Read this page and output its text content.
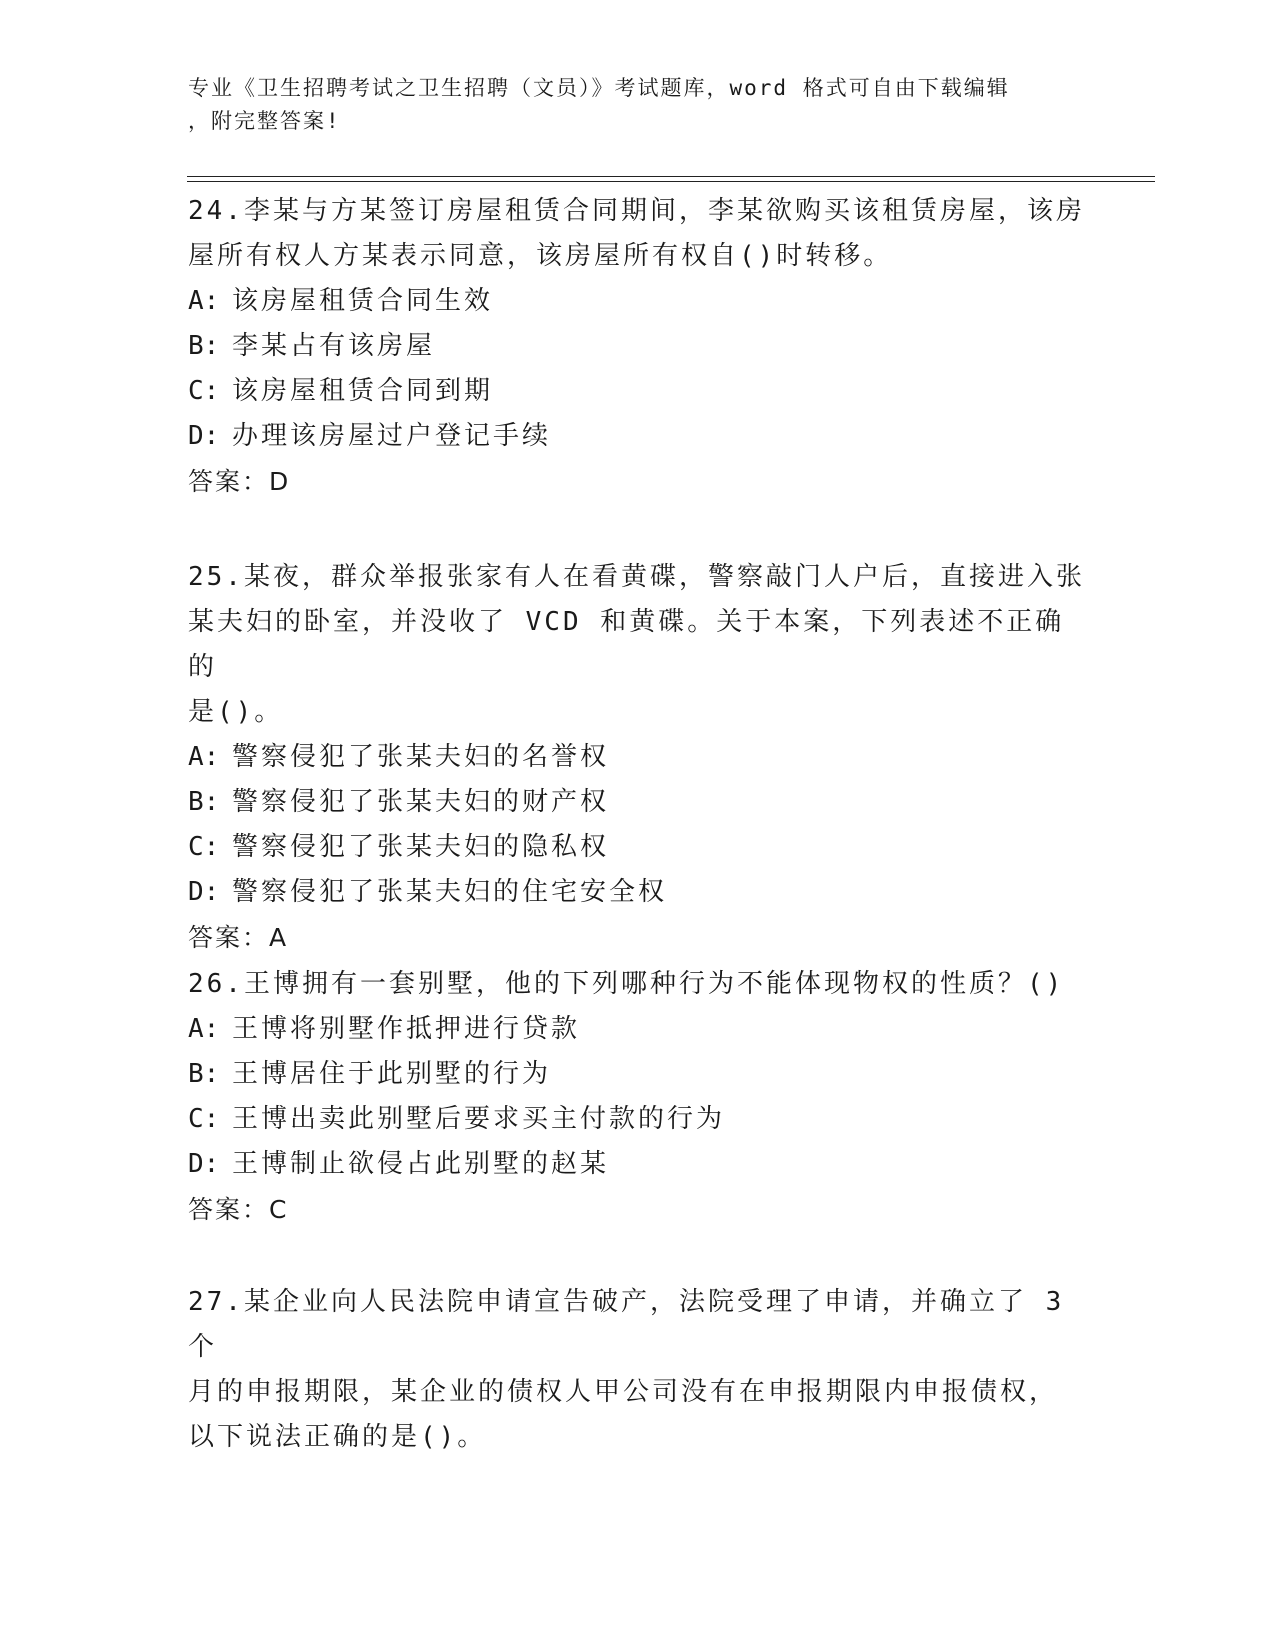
专业《卫生招聘考试之卫生招聘（文员）》考试题库，word 格式可自由下载编辑
，附完整答案!

24.李某与方某签订房屋租赁合同期间，李某欲购买该租赁房屋，该房

屋所有权人方某表示同意，该房屋所有权自()时转移。

A: 该房屋租赁合同生效

B: 李某占有该房屋

C: 该房屋租赁合同到期

D: 办理该房屋过户登记手续

答案：D

25.某夜，群众举报张家有人在看黄碟，警察敲门人户后，直接进入张

某夫妇的卧室，并没收了 VCD 和黄碟。关于本案，下列表述不正确的

是()。

A: 警察侵犯了张某夫妇的名誉权

B: 警察侵犯了张某夫妇的财产权

C: 警察侵犯了张某夫妇的隐私权

D: 警察侵犯了张某夫妇的住宅安全权

答案：A

26.王博拥有一套别墅，他的下列哪种行为不能体现物权的性质？()

A: 王博将别墅作抵押进行贷款

B: 王博居住于此别墅的行为

C: 王博出卖此别墅后要求买主付款的行为

D: 王博制止欲侵占此别墅的赵某

答案：C

27.某企业向人民法院申请宣告破产，法院受理了申请，并确立了 3 个

月的申报期限，某企业的债权人甲公司没有在申报期限内申报债权，

以下说法正确的是()。
